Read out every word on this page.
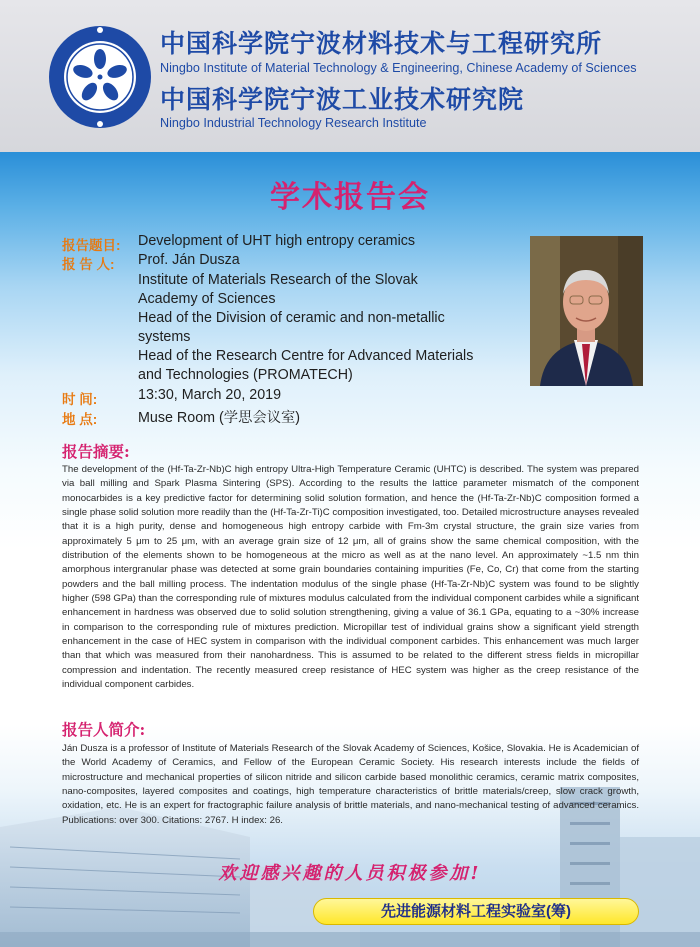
中国科学院宁波材料技术与工程研究所
Ningbo Institute of Material Technology & Engineering, Chinese Academy of Sciences
中国科学院宁波工业技术研究院
Ningbo Industrial Technology Research Institute
学术报告会
报告题目: Development of UHT high entropy ceramics
报 告 人: Prof. Ján Dusza
Institute of Materials Research of the Slovak
Academy of Sciences
Head of the Division of ceramic and non-metallic
systems
Head of the Research Centre for Advanced Materials
and Technologies (PROMATECH)
时 间:	13:30, March 20, 2019
地 点:	Muse Room (学思会议室)
报告摘要:
The development of the (Hf-Ta-Zr-Nb)C high entropy Ultra-High Temperature Ceramic (UHTC) is described. The system was prepared via ball milling and Spark Plasma Sintering (SPS). According to the results the lattice parameter mismatch of the component monocarbides is a key predictive factor for determining solid solution formation, and hence the (Hf-Ta-Zr-Nb)C composition formed a single phase solid solution more readily than the (Hf-Ta-Zr-Ti)C composition investigated, too. Detailed microstructure anayses revealed that it is a high purity, dense and homogeneous high entropy carbide with Fm-3m crystal structure, the grain size varies from approximately 5 μm to 25 μm, with an average grain size of 12 μm, all of grains show the same chemical composition, with the distribution of the elements shown to be homogeneous at the micro as well as at the nano level. An approximately ~1.5 nm thin amorphous intergranular phase was detected at some grain boundaries containing impurities (Fe, Co, Cr) that come from the starting powders and the ball milling process. The indentation modulus of the single phase (Hf-Ta-Zr-Nb)C system was found to be slightly higher (598 GPa) than the corresponding rule of mixtures modulus calculated from the individual component carbides while a significant enhancement in hardness was observed due to solid solution strengthening, giving a value of 36.1 GPa, equating to a ~30% increase in comparison to the corresponding rule of mixtures prediction. Micropillar test of individual grains show a significant yield strength enhancement in the case of HEC system in comparison with the individual component carbides. This enhancement was much larger than that which was measured from their nanohardness. This is assumed to be related to the different stress fields in micropillar compression and indentation. The recently measured creep resistance of HEC system was higher as the creep resistance of the individual component carbides.
报告人简介:
Ján Dusza is a professor of Institute of Materials Research of the Slovak Academy of Sciences, Košice, Slovakia. He is Academician of the World Academy of Ceramics, and Fellow of the European Ceramic Society. His research interests include the fields of microstructure and mechanical properties of silicon nitride and silicon carbide based monolithic ceramics, ceramic matrix composites, nano-composites, layered composites and coatings, high temperature characteristics of brittle materials/creep, slow crack growth, oxidation, etc. He is an expert for fractographic failure analysis of brittle materials, and nano-mechanical testing of advanced ceramics. Publications: over 300. Citations: 2767. H index: 26.
欢迎感兴趣的人员积极参加!
先进能源材料工程实验室(筹)
